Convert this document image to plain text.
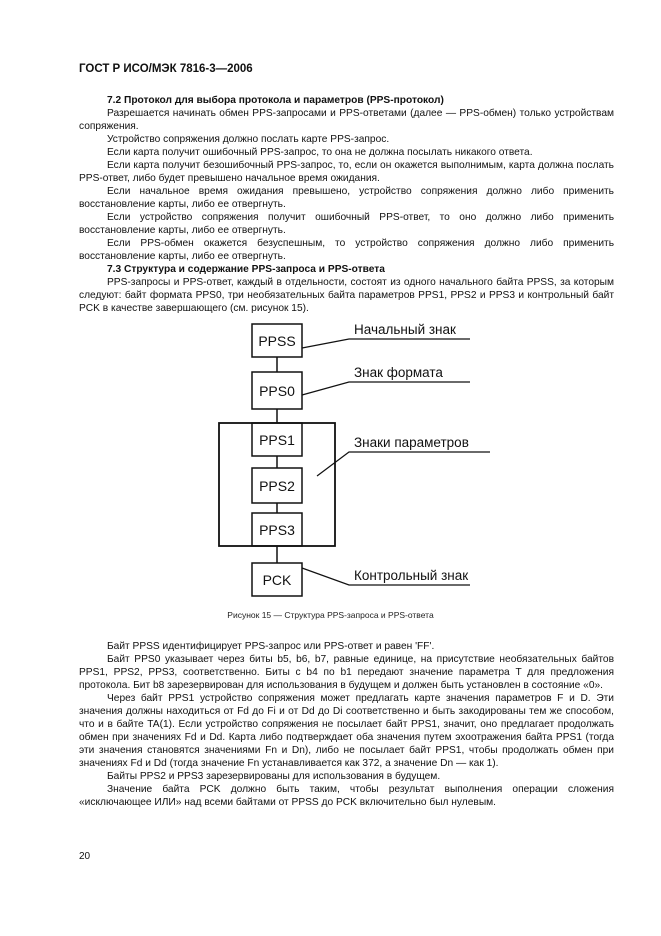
ГОСТ Р ИСО/МЭК 7816-3—2006

7.2 Протокол для выбора протокола и параметров (PPS-протокол)

Разрешается начинать обмен PPS-запросами и PPS-ответами (далее — PPS-обмен) только устройствам сопряжения.

Устройство сопряжения должно послать карте PPS-запрос.

Если карта получит ошибочный PPS-запрос, то она не должна посылать никакого ответа.

Если карта получит безошибочный PPS-запрос, то, если он окажется выполнимым, карта должна послать PPS-ответ, либо будет превышено начальное время ожидания.

Если начальное время ожидания превышено, устройство сопряжения должно либо применить восстановление карты, либо ее отвергнуть.

Если устройство сопряжения получит ошибочный PPS-ответ, то оно должно либо применить восстановление карты, либо ее отвергнуть.

Если PPS-обмен окажется безуспешным, то устройство сопряжения должно либо применить восстановление карты, либо ее отвергнуть.

7.3 Структура и содержание PPS-запроса и PPS-ответа

PPS-запросы и PPS-ответ, каждый в отдельности, состоят из одного начального байта PPSS, за которым следуют: байт формата PPS0, три необязательных байта параметров PPS1, PPS2 и PPS3 и контрольный байт PCK в качестве завершающего (см. рисунок 15).

PPSS
PPS0
PPS1
PPS2
PPS3
PCK
Начальный знак
Знак формата
Знаки параметров
Контрольный знак
Рисунок 15 — Структура PPS-запроса и PPS-ответа

Байт PPSS идентифицирует PPS-запрос или PPS-ответ и равен 'FF'.

Байт PPS0 указывает через биты b5, b6, b7, равные единице, на присутствие необязательных байтов PPS1, PPS2, PPS3, соответственно. Биты с b4 по b1 передают значение параметра T для предложения протокола. Бит b8 зарезервирован для использования в будущем и должен быть установлен в состояние «0».

Через байт PPS1 устройство сопряжения может предлагать карте значения параметров F и D. Эти значения должны находиться от Fd до Fi и от Dd до Di соответственно и быть закодированы тем же способом, что и в байте TA(1). Если устройство сопряжения не посылает байт PPS1, значит, оно предлагает продолжать обмен при значениях Fd и Dd. Карта либо подтверждает оба значения путем эхоотражения байта PPS1 (тогда эти значения становятся значениями Fn и Dn), либо не посылает байт PPS1, чтобы продолжать обмен при значениях Fd и Dd (тогда значение Fn устанавливается как 372, а значение Dn — как 1).

Байты PPS2 и PPS3 зарезервированы для использования в будущем.

Значение байта PCK должно быть таким, чтобы результат выполнения операции сложения «исключающее ИЛИ» над всеми байтами от PPSS до PCK включительно был нулевым.

20
